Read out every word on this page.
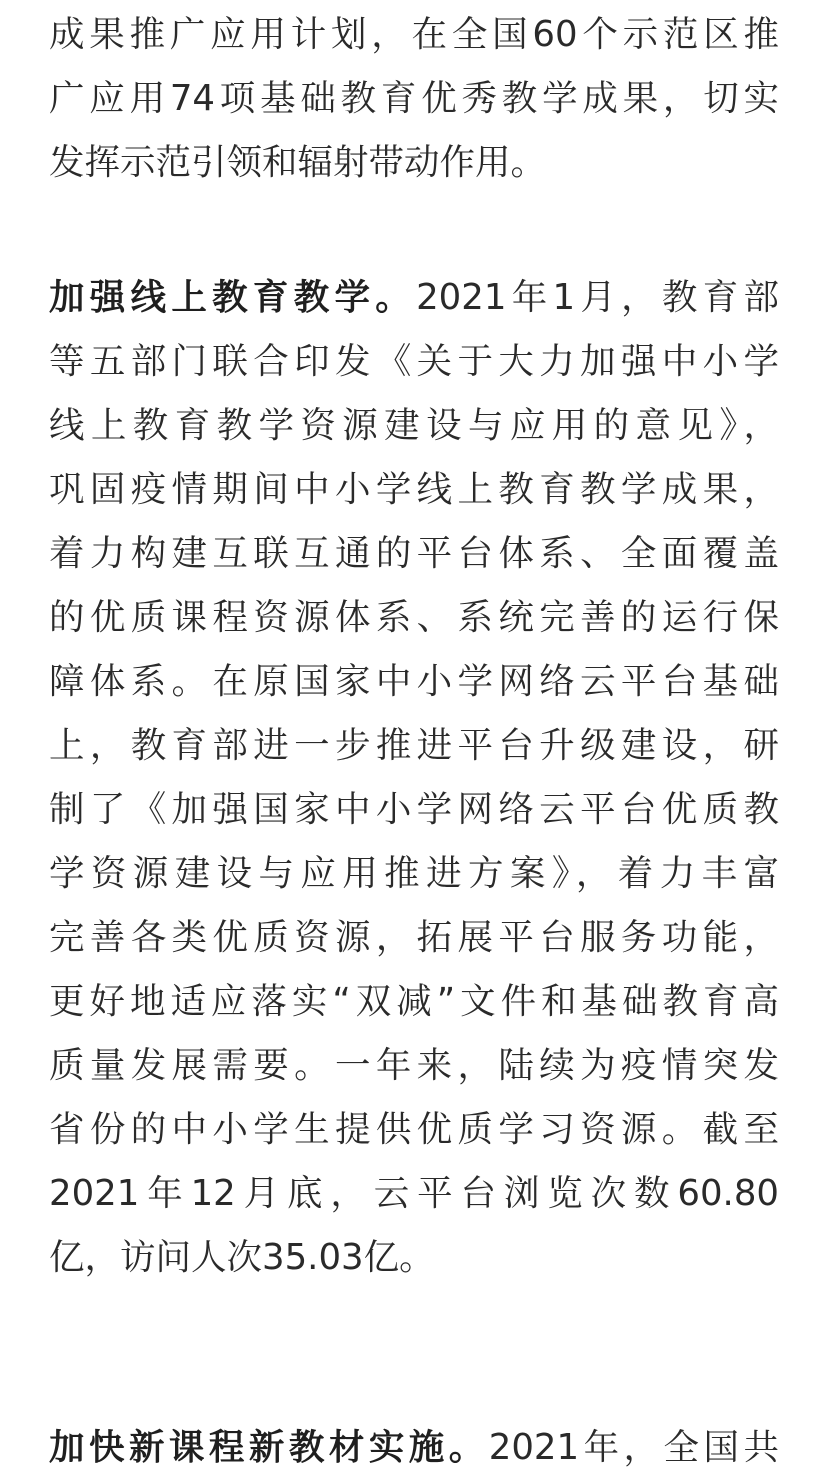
成果推广应用计划，在全国60个示范区推
广应用74项基础教育优秀教学成果，切实
发挥示范引领和辐射带动作用。
加强线上教育教学。2021年1月，教育部
等五部门联合印发《关于大力加强中小学
线上教育教学资源建设与应用的意见》，
巩固疫情期间中小学线上教育教学成果，
着力构建互联互通的平台体系、全面覆盖
的优质课程资源体系、系统完善的运行保
障体系。在原国家中小学网络云平台基础
上，教育部进一步推进平台升级建设，研
制了《加强国家中小学网络云平台优质教
学资源建设与应用推进方案》，着力丰富
完善各类优质资源，拓展平台服务功能，
更好地适应落实“双减”文件和基础教育高
质量发展需要。一年来，陆续为疫情突发
省份的中小学生提供优质学习资源。截至
2021年12月底，云平台浏览次数60.80
亿，访问人次35.03亿。
加快新课程新教材实施。2021年，全国共
